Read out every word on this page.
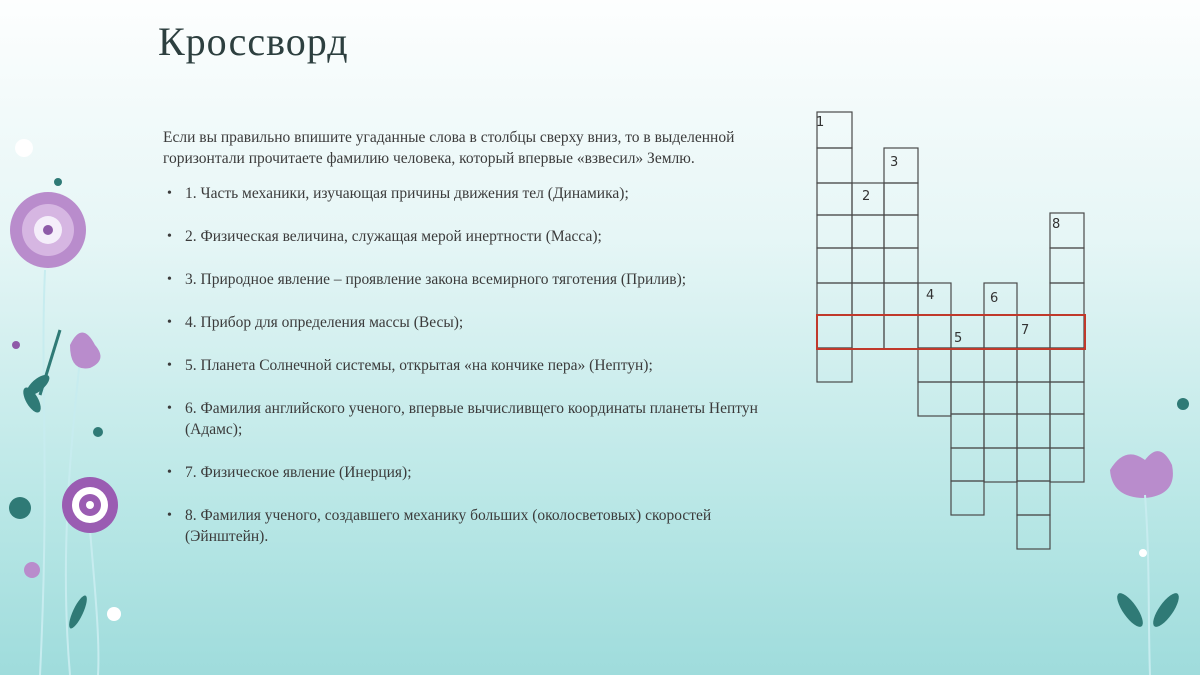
Кроссворд

Если вы правильно впишите угаданные слова в столбцы сверху вниз, то в выделенной горизонтали прочитаете фамилию человека, который впервые «взвесил» Землю.

• 1. Часть механики, изучающая причины движения тел (Динамика);
• 2. Физическая величина, служащая мерой инертности (Масса);
• 3. Природное явление – проявление закона всемирного тяготения (Прилив);
• 4. Прибор для определения массы (Весы);
• 5. Планета Солнечной системы, открытая «на кончике пера» (Нептун);
• 6. Фамилия английского ученого, впервые вычисливщего координаты планеты Нептун (Адамс);
• 7. Физическое явление (Инерция);
• 8. Фамилия ученого, создавшего механику больших (околосветовых) скоростей (Эйнштейн).
1
2
3
4
5
6
7
8
